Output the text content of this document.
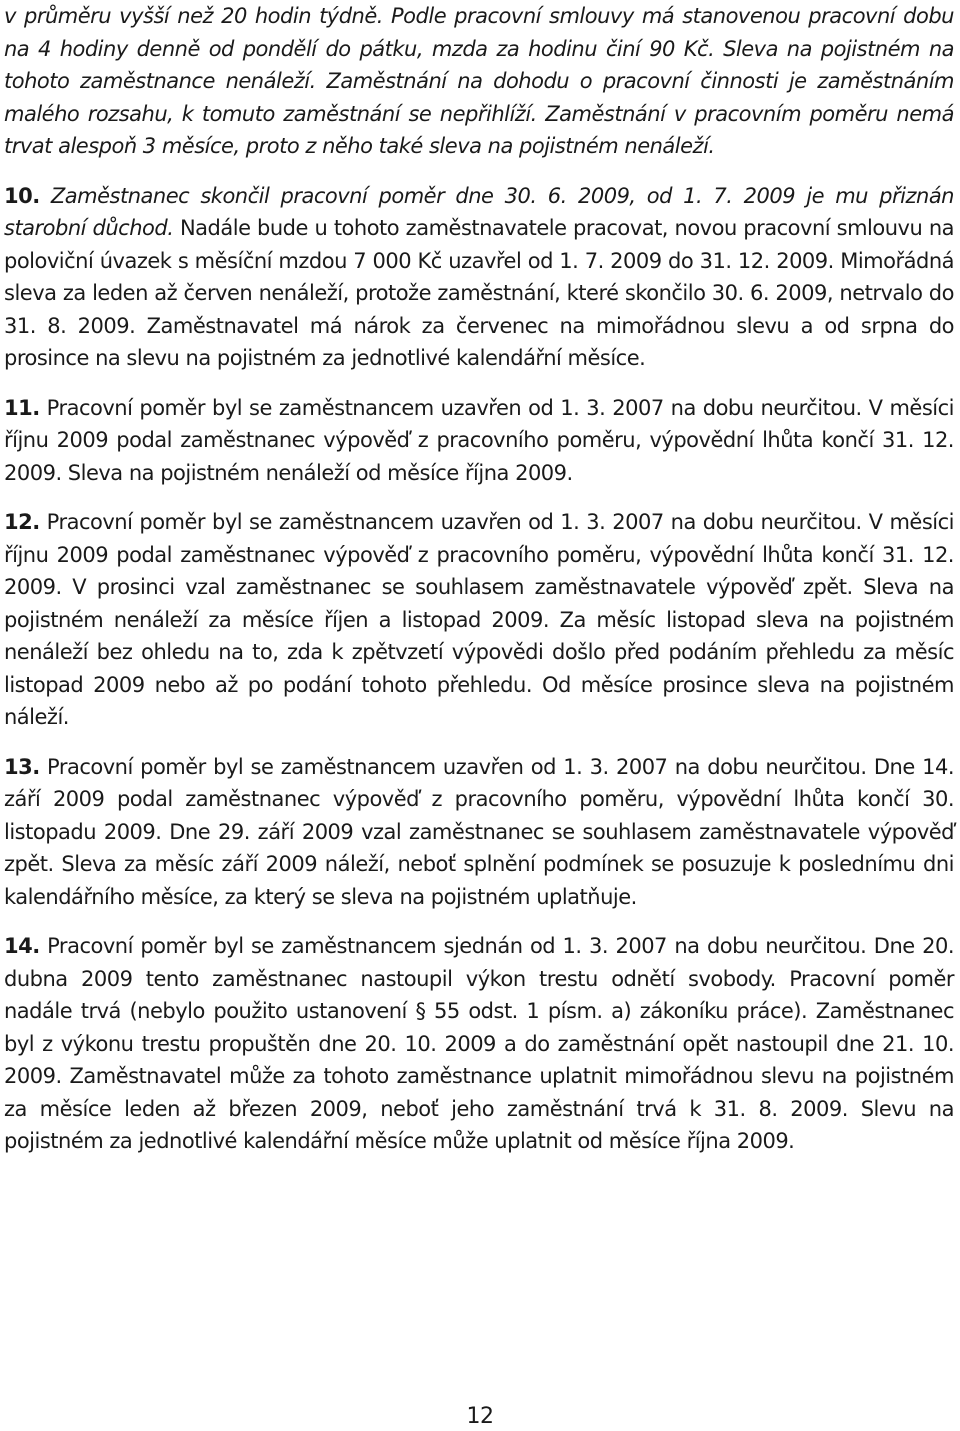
v průměru vyšší než 20 hodin týdně. Podle pracovní smlouvy má stanovenou pracovní dobu na 4 hodiny denně od pondělí do pátku, mzda za hodinu činí 90 Kč. Sleva na pojistném na tohoto zaměstnance nenáleží. Zaměstnání na dohodu o pracovní činnosti je zaměstnáním malého rozsahu, k tomuto zaměstnání se nepřihlíží. Zaměstnání v pracovním poměru nemá trvat alespoň 3 měsíce, proto z něho také sleva na pojistném nenáleží.

10. Zaměstnanec skončil pracovní poměr dne 30. 6. 2009, od 1. 7. 2009 je mu přiznán starobní důchod. Nadále bude u tohoto zaměstnavatele pracovat, novou pracovní smlouvu na poloviční úvazek s měsíční mzdou 7 000 Kč uzavřel od 1. 7. 2009 do 31. 12. 2009. Mimořádná sleva za leden až červen nenáleží, protože zaměstnání, které skončilo 30. 6. 2009, netrvalo do 31. 8. 2009. Zaměstnavatel má nárok za červenec na mimořádnou slevu a od srpna do prosince na slevu na pojistném za jednotlivé kalendářní měsíce.

11. Pracovní poměr byl se zaměstnancem uzavřen od 1. 3. 2007 na dobu neurčitou. V měsíci říjnu 2009 podal zaměstnanec výpověď z pracovního poměru, výpovědní lhůta končí 31. 12. 2009. Sleva na pojistném nenáleží od měsíce října 2009.

12. Pracovní poměr byl se zaměstnancem uzavřen od 1. 3. 2007 na dobu neurčitou. V měsíci říjnu 2009 podal zaměstnanec výpověď z pracovního poměru, výpovědní lhůta končí 31. 12. 2009. V prosinci vzal zaměstnanec se souhlasem zaměstnavatele výpověď zpět. Sleva na pojistném nenáleží za měsíce říjen a listopad 2009. Za měsíc listopad sleva na pojistném nenáleží bez ohledu na to, zda k zpětvzetí výpovědi došlo před podáním přehledu za měsíc listopad 2009 nebo až po podání tohoto přehledu. Od měsíce prosince sleva na pojistném náleží.

13. Pracovní poměr byl se zaměstnancem uzavřen od 1. 3. 2007 na dobu neurčitou. Dne 14. září 2009 podal zaměstnanec výpověď z pracovního poměru, výpovědní lhůta končí 30. listopadu 2009. Dne 29. září 2009 vzal zaměstnanec se souhlasem zaměstnavatele výpověď zpět. Sleva za měsíc září 2009 náleží, neboť splnění podmínek se posuzuje k poslednímu dni kalendářního měsíce, za který se sleva na pojistném uplatňuje.

14. Pracovní poměr byl se zaměstnancem sjednán od 1. 3. 2007 na dobu neurčitou. Dne 20. dubna 2009 tento zaměstnanec nastoupil výkon trestu odnětí svobody. Pracovní poměr nadále trvá (nebylo použito ustanovení § 55 odst. 1 písm. a) zákoníku práce). Zaměstnanec byl z výkonu trestu propuštěn dne 20. 10. 2009 a do zaměstnání opět nastoupil dne 21. 10. 2009. Zaměstnavatel může za tohoto zaměstnance uplatnit mimořádnou slevu na pojistném za měsíce leden až březen 2009, neboť jeho zaměstnání trvá k 31. 8. 2009. Slevu na pojistném za jednotlivé kalendářní měsíce může uplatnit od měsíce října 2009.

12
